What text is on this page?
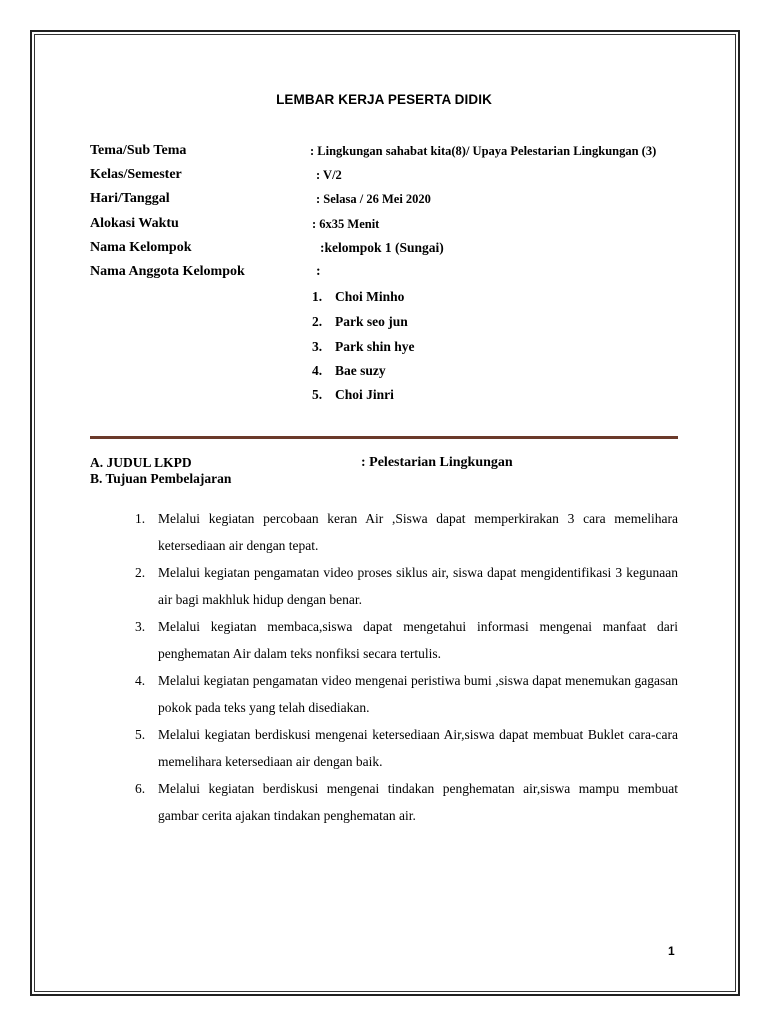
LEMBAR KERJA PESERTA DIDIK
Tema/Sub Tema	: Lingkungan sahabat kita(8)/ Upaya Pelestarian Lingkungan (3)
Kelas/Semester	: V/2
Hari/Tanggal	: Selasa / 26 Mei 2020
Alokasi Waktu	: 6x35 Menit
Nama Kelompok	:kelompok 1 (Sungai)
Nama Anggota Kelompok	:
1. Choi Minho
2. Park seo jun
3. Park shin hye
4. Bae suzy
5. Choi Jinri
A. JUDUL LKPD	: Pelestarian Lingkungan
B. Tujuan Pembelajaran
1. Melalui kegiatan percobaan keran Air ,Siswa dapat memperkirakan 3 cara memelihara ketersediaan air dengan tepat.
2. Melalui kegiatan pengamatan video proses siklus air, siswa dapat mengidentifikasi 3 kegunaan air bagi makhluk hidup dengan benar.
3. Melalui kegiatan membaca,siswa dapat mengetahui informasi mengenai manfaat dari penghematan Air dalam teks nonfiksi secara tertulis.
4. Melalui kegiatan pengamatan video mengenai peristiwa bumi ,siswa dapat menemukan gagasan pokok pada teks yang telah disediakan.
5. Melalui kegiatan berdiskusi mengenai ketersediaan Air,siswa dapat membuat Buklet cara-cara memelihara ketersediaan air dengan baik.
6. Melalui kegiatan berdiskusi mengenai tindakan penghematan air,siswa mampu membuat gambar cerita ajakan tindakan penghematan air.
1
